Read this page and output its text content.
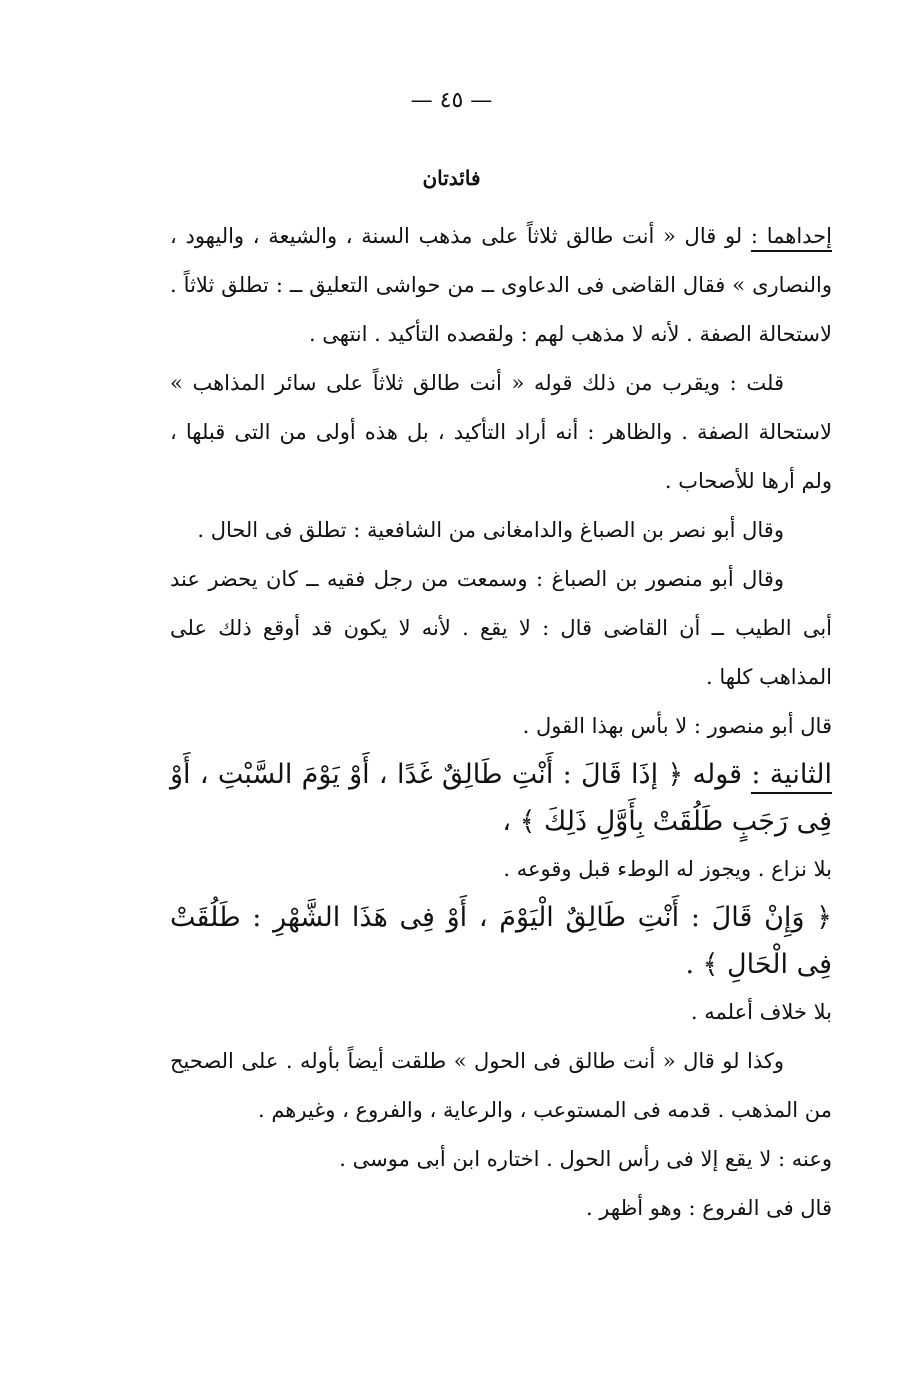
— ٤٥ —
فائدتان

إحداهما : لو قال « أنت طالق ثلاثاً على مذهب السنة ، والشيعة ، واليهود ، والنصارى » فقال القاضى فى الدعاوى ــ من حواشى التعليق ــ : تطلق ثلاثاً . لاستحالة الصفة . لأنه لا مذهب لهم : ولقصده التأكيد . انتهى .

قلت : ويقرب من ذلك قوله « أنت طالق ثلاثاً على سائر المذاهب » لاستحالة الصفة . والظاهر : أنه أراد التأكيد ، بل هذه أولى من التى قبلها ، ولم أرها للأصحاب .

وقال أبو نصر بن الصباغ والدامغانى من الشافعية : تطلق فى الحال .

وقال أبو منصور بن الصباغ : وسمعت من رجل فقيه ــ كان يحضر عند أبى الطيب ــ أن القاضى قال : لا يقع . لأنه لا يكون قد أوقع ذلك على المذاهب كلها .

قال أبو منصور : لا بأس بهذا القول .

الثانية : قوله ﴿ إذَا قَالَ : أَنْتِ طَالِقٌ غَدًا ، أَوْ يَوْمَ السَّبْتِ ، أَوْ فِى رَجَبٍ طَلُقَتْ بِأَوَّلِ ذَلِكَ ﴾ ،

بلا نزاع . ويجوز له الوطء قبل وقوعه .

﴿ وَإِنْ قَالَ : أَنْتِ طَالِقٌ الْيَوْمَ ، أَوْ فِى هَذَا الشَّهْرِ : طَلُقَتْ فِى الْحَالِ ﴾ .

بلا خلاف أعلمه .

وكذا لو قال « أنت طالق فى الحول » طلقت أيضاً بأوله . على الصحيح من المذهب . قدمه فى المستوعب ، والرعاية ، والفروع ، وغيرهم .

وعنه : لا يقع إلا فى رأس الحول . اختاره ابن أبى موسى .

قال فى الفروع : وهو أظهر .
